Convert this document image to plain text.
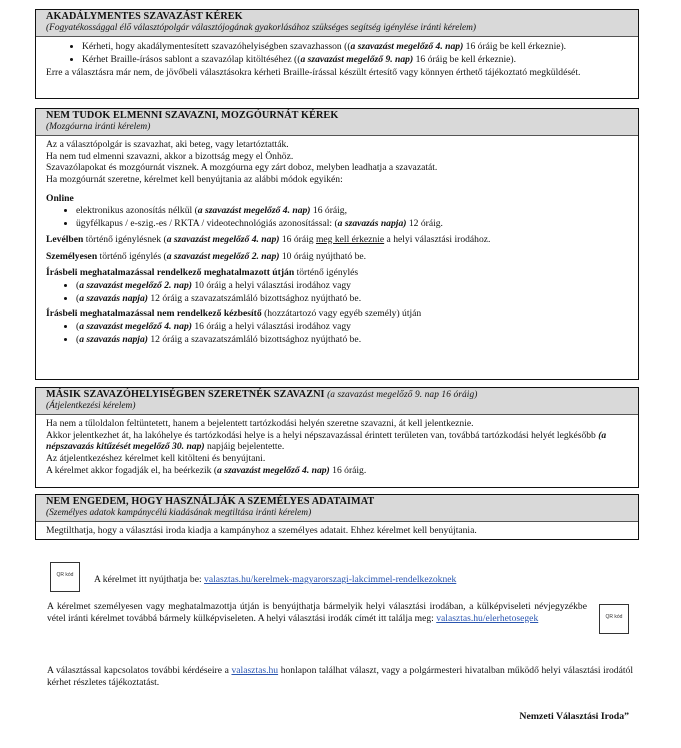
AKADÁLYMENTES SZAVAZÁST KÉREK
(Fogyatékossággal élő választópolgár választójogának gyakorlásához szükséges segítség igénylése iránti kérelem)
• Kérheti, hogy akadálymentesített szavazóhelyiségben szavazhasson ((a szavazást megelőző 4. nap) 16 óráig be kell érkeznie).
• Kérhet Braille-írásos sablont a szavazólap kitöltéséhez ((a szavazást megelőző 9. nap) 16 óráig be kell érkeznie).

Erre a választásra már nem, de jövőbeli választásokra kérheti Braille-írással készült értesítő vagy könnyen érthető tájékoztató megküldését.

NEM TUDOK ELMENNI SZAVAZNI, MOZGÓURNÁT KÉREK
(Mozgóurna iránti kérelem)

Az a választópolgár is szavazhat, aki beteg, vagy letartóztatták.

Ha nem tud elmenni szavazni, akkor a bizottság megy el Önhöz.

Szavazólapokat és mozgóurnát visznek. A mozgóurna egy zárt doboz, melyben leadhatja a szavazatát.

Ha mozgóurnát szeretne, kérelmet kell benyújtania az alábbi módok egyikén:

Online

• elektronikus azonosítás nélkül (a szavazást megelőző 4. nap) 16 óráig,
• ügyfélkapus / e-szig.-es / RKTA / videotechnológiás azonosítással: (a szavazás napja) 12 óráig.

Levélben történő igénylésnek (a szavazást megelőző 4. nap) 16 óráig meg kell érkeznie a helyi választási irodához.

Személyesen történő igénylés (a szavazást megelőző 2. nap) 10 óráig nyújtható be.

Írásbeli meghatalmazással rendelkező meghatalmazott útján történő igénylés

• (a szavazást megelőző 2. nap) 10 óráig a helyi választási irodához vagy
• (a szavazás napja) 12 óráig a szavazatszámláló bizottsághoz nyújtható be.

Írásbeli meghatalmazással nem rendelkező kézbesítő (hozzátartozó vagy egyéb személy) útján

• (a szavazást megelőző 4. nap) 16 óráig a helyi választási irodához vagy
• (a szavazás napja) 12 óráig a szavazatszámláló bizottsághoz nyújtható be.
MÁSIK SZAVAZÓHELYISÉGBEN SZERETNÉK SZAVAZNI (a szavazást megelőző 9. nap 16 óráig)
(Átjelentkezési kérelem)

Ha nem a tűloldalon feltüntetett, hanem a bejelentett tartózkodási helyén szeretne szavazni, át kell jelentkeznie.

Akkor jelentkezhet át, ha lakóhelye és tartózkodási helye is a helyi népszavazással érintett területen van, továbbá tartózkodási helyét legkésőbb (a népszavazás kitűzését megelőző 30. nap) napjáig bejelentette.

Az átjelentkezéshez kérelmet kell kitölteni és benyújtani.

A kérelmet akkor fogadják el, ha beérkezik (a szavazást megelőző 4. nap) 16 óráig.

NEM ENGEDEM, HOGY HASZNÁLJÁK A SZEMÉLYES ADATAIMAT
(Személyes adatok kampánycélú kiadásának megtiltása iránti kérelem)

Megtilthatja, hogy a választási iroda kiadja a kampányhoz a személyes adatait. Ehhez kérelmet kell benyújtania.

QR kód	A kérelmet itt nyújthatja be: valasztas.hu/kerelmek-magyarorszagi-lakcimmel-rendelkezoknek
A kérelmet személyesen vagy meghatalmazottja útján is benyújthatja bármelyik helyi választási irodában, a külképviseleti névjegyzékbe vétel iránti kérelmet továbbá bármely külképviseleten. A helyi választási irodák címét itt találja meg: valasztas.hu/elerhetosegek	QR kód
A választással kapcsolatos további kérdéseire a valasztas.hu honlapon találhat választ, vagy a polgármesteri hivatalban működő helyi választási irodától kérhet részletes tájékoztatást.
Nemzeti Választási Iroda”
